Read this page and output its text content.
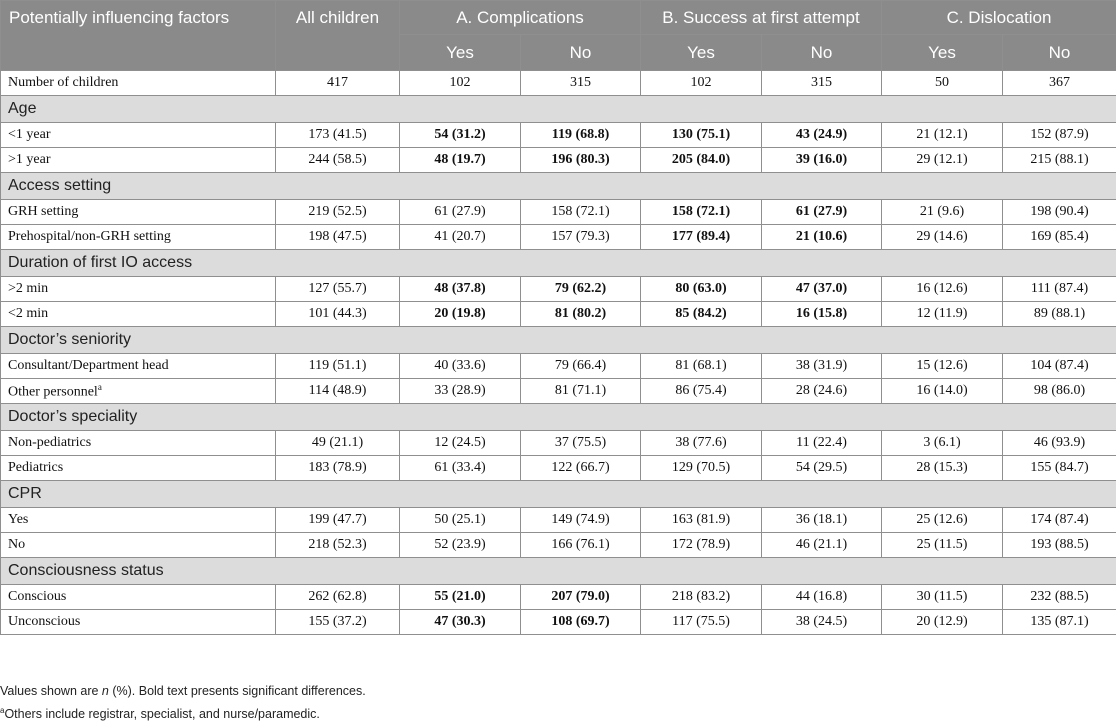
Potentially influencing factors	All children	A. Complications		B. Success at first attempt		C. Dislocation	
		Yes	No	Yes	No	Yes	No
Number of children	417	102	315	102	315	50	367
Age							
<1 year	173 (41.5)	54 (31.2)	119 (68.8)	130 (75.1)	43 (24.9)	21 (12.1)	152 (87.9)
>1 year	244 (58.5)	48 (19.7)	196 (80.3)	205 (84.0)	39 (16.0)	29 (12.1)	215 (88.1)
Access setting							
GRH setting	219 (52.5)	61 (27.9)	158 (72.1)	158 (72.1)	61 (27.9)	21 (9.6)	198 (90.4)
Prehospital/non-GRH setting	198 (47.5)	41 (20.7)	157 (79.3)	177 (89.4)	21 (10.6)	29 (14.6)	169 (85.4)
Duration of first IO access							
>2 min	127 (55.7)	48 (37.8)	79 (62.2)	80 (63.0)	47 (37.0)	16 (12.6)	111 (87.4)
<2 min	101 (44.3)	20 (19.8)	81 (80.2)	85 (84.2)	16 (15.8)	12 (11.9)	89 (88.1)
Doctor’s seniority							
Consultant/Department head	119 (51.1)	40 (33.6)	79 (66.4)	81 (68.1)	38 (31.9)	15 (12.6)	104 (87.4)
Other personnel$^a$	114 (48.9)	33 (28.9)	81 (71.1)	86 (75.4)	28 (24.6)	16 (14.0)	98 (86.0)
Doctor’s speciality							
Non-pediatrics	49 (21.1)	12 (24.5)	37 (75.5)	38 (77.6)	11 (22.4)	3 (6.1)	46 (93.9)
Pediatrics	183 (78.9)	61 (33.4)	122 (66.7)	129 (70.5)	54 (29.5)	28 (15.3)	155 (84.7)
CPR							
Yes	199 (47.7)	50 (25.1)	149 (74.9)	163 (81.9)	36 (18.1)	25 (12.6)	174 (87.4)
No	218 (52.3)	52 (23.9)	166 (76.1)	172 (78.9)	46 (21.1)	25 (11.5)	193 (88.5)
Consciousness status							
Conscious	262 (62.8)	55 (21.0)	207 (79.0)	218 (83.2)	44 (16.8)	30 (11.5)	232 (88.5)
Unconscious	155 (37.2)	47 (30.3)	108 (69.7)	117 (75.5)	38 (24.5)	20 (12.9)	135 (87.1)
Values shown are n (%). Bold text presents significant differences.
$^a$Others include registrar, specialist, and nurse/paramedic.
